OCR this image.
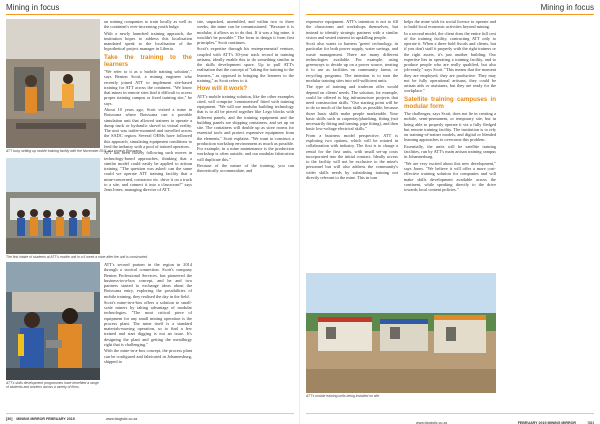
Mining in focus
ATT busy setting up mobile training facility with the November 2011 at a mine in Botswana.

on mining companies to train locally as well as the continent's ever-increasing youth bulge.

With a newly launched training approach, the institution hopes to address this localisation mandated speak to the localisation of the hypothetical project manager in Liberia.

Take the training to the learners

"We refer to it as a 'mobile training solution'," says Benton Scott, a mining engineer who recently joined ATT to implement site-based training for ATT across the continent. "We know that mines in remote sites find it difficult to access proper training campus or fixed training site," he says.

About 10 years ago, Scott visited a mine in Botswana where Botswana can a portable simulation unit that allowed trainees to operate a dump truck or hydraulic shovel in virtual reality. The unit was trailer-mounted and travelled across the SADC region. Several OEMs have followed this approach, simulating equipment conditions to feed the industry with a pool of trained operators.

ATT has been closely following such moves in technology-based approaches, thinking that a similar model could easily be applied to artisan training. "The question was asked: can the same could we operate ATT training facility that a mine-concerned, contractor etc. drive it on a truck to a site, and connect it into a classroom?" says Jean Jones, managing director of ATT.

The first intake of students at ATT's mobile unit in a 6 week a mine after the unit is constructed.

ATT's second partner in the region in 2014 through a tactical connection. Scott's company Benton Professional Services, has pioneered the business-in-a-box concept, and he and two partners started to exchange ideas about the Botswana entry, exploring the possibilities of mobile training, they realised the day in the field.

Scott's mine-in-a-box offers a solution to small-scale miners by taking advantage of modular technologies. "The most critical piece of equipment for any small mining operation is the process plant. The mine itself is a standard materials-moving operation, so to find a few trained and start digging is not an issue. It's designing the plant and getting the metallurgy right that is challenging."

With the mine-in-a-box concept, the process plant can be configured and fabricated in Johannesburg, shipped to

ATT's skills development programmes have benefited a range of students and workers across a variety of firms.

site, unpacked, assembled, and within two to three weeks, the mine can be commissioned. "Because it is modular, it allows us to do that. If it was a big mine, it wouldn't be possible." The form to design it from first principles," Scott continues.

Scott's expertise through his entrepreneurial venture, coupled with ATT's 30-year track record in training artisans, ideally enable this to do something similar in the skills development space. Up to pull ATT's realisation that the concept of "taking the training to the learners," as opposed to bringing the learners to the training," as Scott refers to it.

How will it work?

ATT's mobile training solution, like the other examples cited, will comprise 'containerised' fitted with training equipment. "We will use modular building technology that is to all be pieced together like Lego blocks with different panels, and the training equipment and the building panels are shipping containers, and set up on site. The containers will double up as store rooms for essential tools and protect expensive equipment from the elements," Scott explains. "We want to construct a production workshop environment as much as possible. For example, in a mine maintenance is the production workshop is often outside, and our modular fabrication will duplicate this."

Because of the nature of the training, you can theoretically accommodate, and

[30] MINING MIRROR FEBRUARY 2019	www.blogistic.co.za
Mining in focus

expensive equipment. ATT's intention is not to fill the classrooms and workshops themselves, but instead to identify strategic partners with a similar vision and vested interest in upskilling people.

Scott also wants to harness 'green' technology, in particular for both power supply, water savings, and waste management. There are many different technologies available. For example, using greenways to decide up on a power source, treating it to use as facilities on community farms, or recycling programs. The intention is to turn the modular training sites into self-sufficient units.

The type of training and tradecan offer would depend on clients' needs. The solution, for example, could be offered to big infrastructure projects that need construction skills. "Our starting point will be to do so much of the basic skills as possible, because those basic skills make people marketable. Your basic skills such as carpentry/plumbing, fitting (not necessarily fitting and turning, pipe fitting), and then basic low-voltage electrical skills."

From a business model perspective, ATT is exploring two options, which will be rotated in collaboration with industry. The first is to charge a rental for the first units, with small set-up costs incorporated into the initial contract. Ideally access to the facility will not be exclusive to the mine's personnel but will also address the community's wider skills needs by subsidising training not directly relevant to the mine. This in turn

helps the mine with its social licence to operate and to build local economic activities beyond mining.

In a second model, the client does the entire full cost of the training facility, contracting ATT only to operate it. When a three hold fiscals and clients, but if you don't staff it properly with the right trainers or the right assets, it's just another building. Our expertise lies in operating a training facility, and to produce people who are really qualified, but also job-ready," says Scott. "This means that the moment they are employed, they are productive. They may not be fully operational artisans, they could be artisan aids or assistants, but they are ready for the workplace."

Satellite training campuses in modular form

The challenges, says Scott, does not lie in creating a mobile, semi-permanent, or temporary site, but in being able to properly operate it via a fully fledged but remote training facility. The institution is to rely on training-of-trainer models, and digital or blended learning approaches to overcome this problem.

Essentially, the units will be satellite training facilities, run by ATT's main artisan training campus in Johannesburg.

"We are very excited about this new development," says Jones. "We believe it will offer a more cost-effective training solution for companies and will make skills development available across the continent, while speaking directly to the drive towards local content policies."

ATT's mobile training units being installed on site.
www.blogistic.co.za	FEBRUARY 2019 MINING MIRROR	[31]
